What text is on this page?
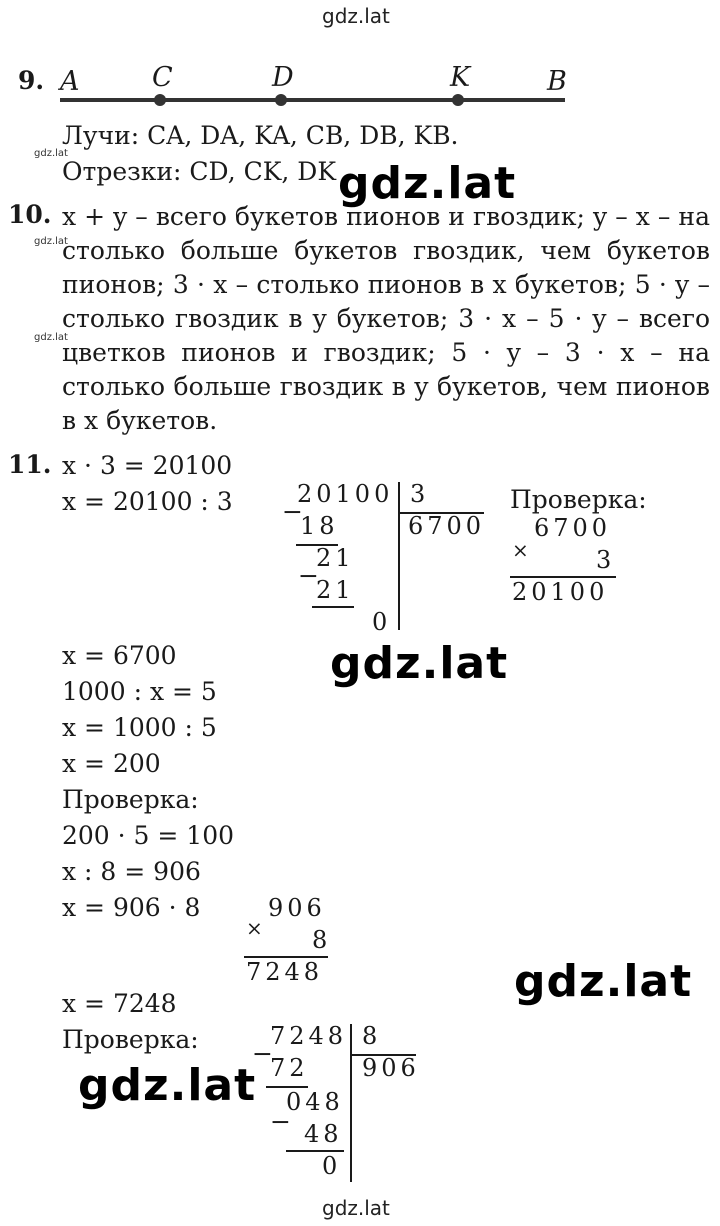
gdz.lat
9. A	C	D	K	B
Лучи: CA, DA, KA, CB, DB, KB.
gdz.lat
Отрезки: CD, CK, DK gdz.lat
10.
gdz.lat
gdz.lat
x + y – всего букетов пионов и гвоздик; y – x – на столько больше букетов гвоздик, чем букетов пионов; 3 · x – столько пионов в x букетов; 5 · y – столько гвоздик в y букетов; 3 · x – 5 · y – всего цветков пионов и гвоздик; 5 · y – 3 · x – на столько больше гвоздик в y букетов, чем пионов в x букетов.
11. x · 3 = 20100
x = 20100 : 3	20100 3
6700
−
18
21
−
21
0
Проверка:
6700
×	3
20100
x = 6700	gdz.lat
1000 : x = 5
x = 1000 : 5
x = 200
Проверка:
200 · 5 = 100
x : 8 = 906
x = 906 · 8	906
× 8
7248	gdz.lat
x = 7248
Проверка:	7248 8
906
−
72
048
− 48
0
gdz.lat
gdz.lat
